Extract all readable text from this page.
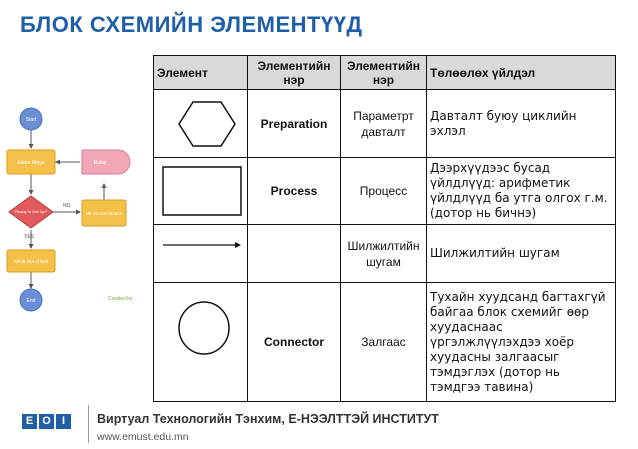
БЛОК СХЕМИЙН ЭЛЕМЕНТҮҮД
Start
Alarm Rings	Relay
Ready to Get Up?
NO
YES
Hit Snooze Button
Climb Out of Bed
End	Created by
Элемент	Элементийн нэр	Элементийн нэр	Төлөөлөх үйлдэл

	Preparation	Параметрт давталт	Давталт буюу циклийн эхлэл

	Process	Процесс	Дээрхүүдээс бусад үйлдлүүд: арифметик үйлдлүүд ба утга олгох г.м. (дотор нь бичнэ)

		Шилжилтийн шугам	Шилжилтийн шугам

	Connector	Залгаас	Тухайн хуудсанд багтахгүй байгаа блок схемийг өөр хуудаснаас үргэлжлүүлэхдээ хоёр хуудасны залгаасыг тэмдэглэх (дотор нь тэмдгээ тавина)
E O	I	Виртуал Технологийн Тэнхим, Е-НЭЭЛТТЭЙ ИНСТИТУТ
www.emust.edu.mn
